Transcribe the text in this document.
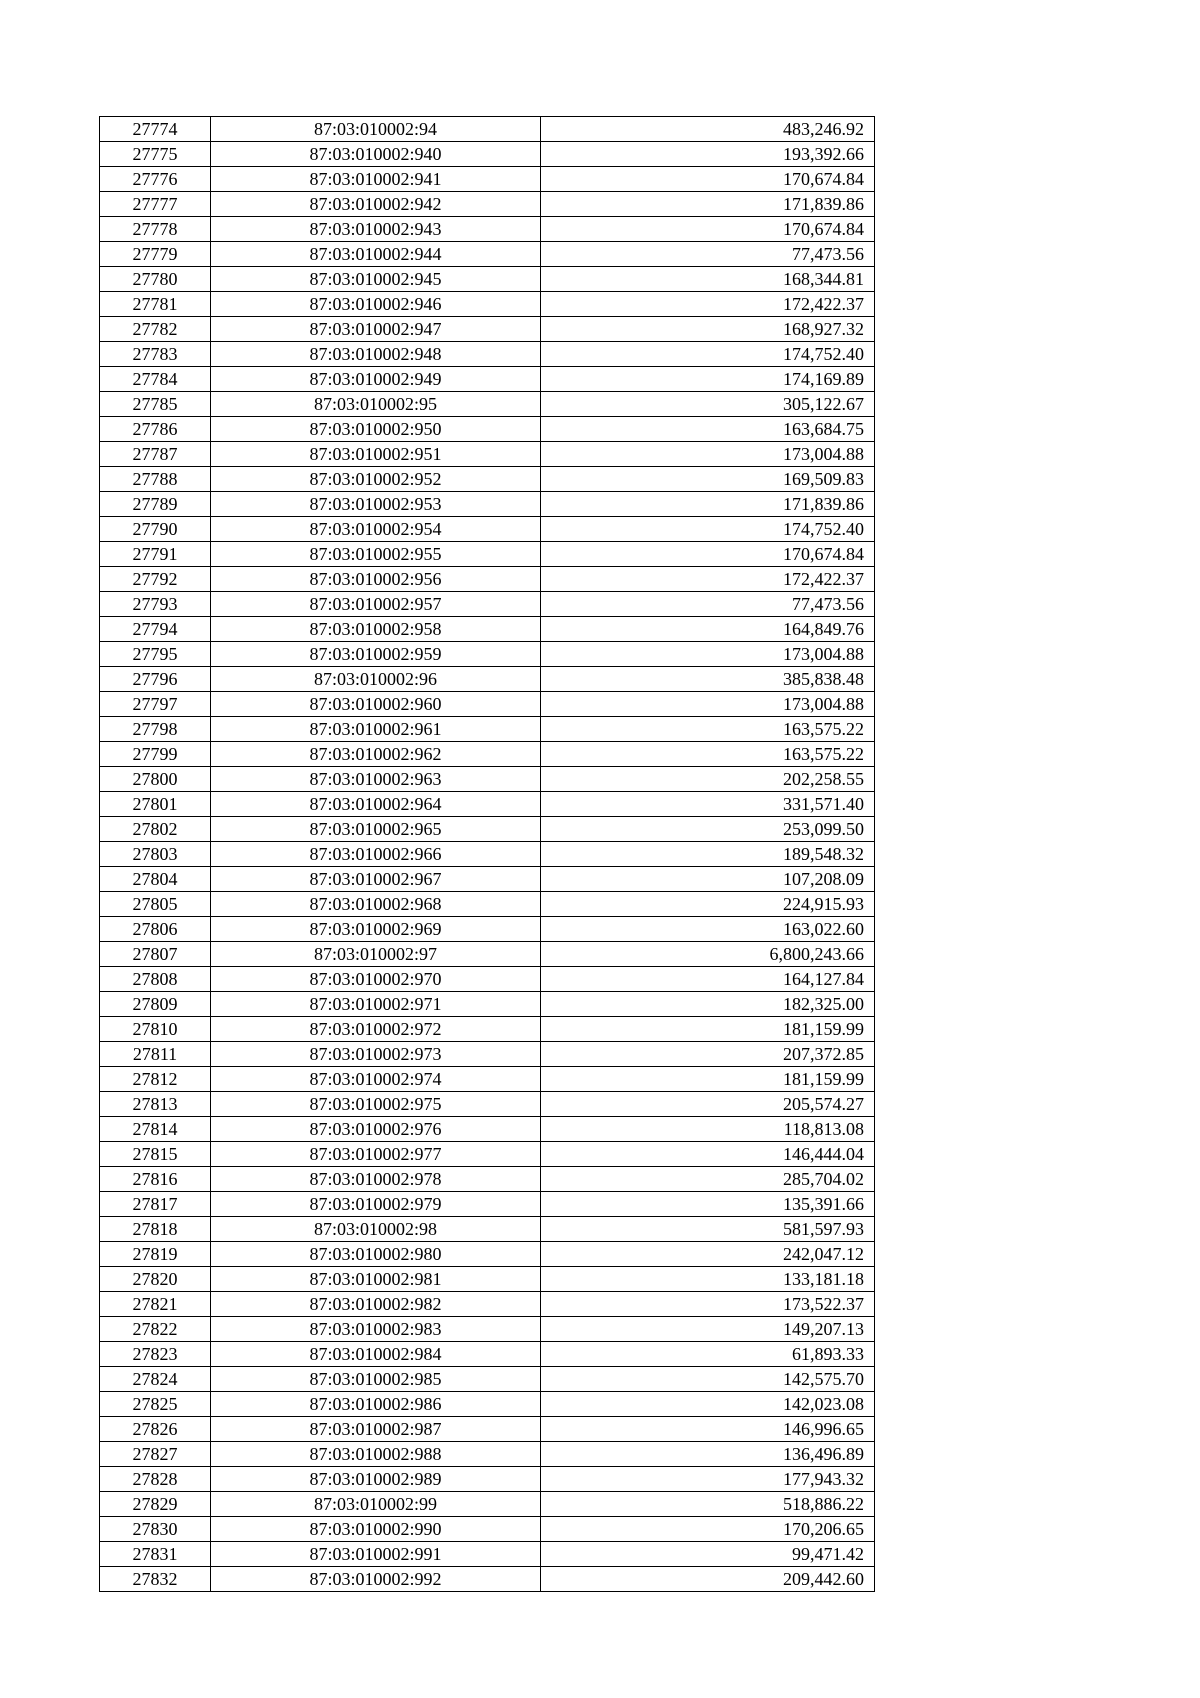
27774	87:03:010002:94	483,246.92
27775	87:03:010002:940	193,392.66
27776	87:03:010002:941	170,674.84
27777	87:03:010002:942	171,839.86
27778	87:03:010002:943	170,674.84
27779	87:03:010002:944	77,473.56
27780	87:03:010002:945	168,344.81
27781	87:03:010002:946	172,422.37
27782	87:03:010002:947	168,927.32
27783	87:03:010002:948	174,752.40
27784	87:03:010002:949	174,169.89
27785	87:03:010002:95	305,122.67
27786	87:03:010002:950	163,684.75
27787	87:03:010002:951	173,004.88
27788	87:03:010002:952	169,509.83
27789	87:03:010002:953	171,839.86
27790	87:03:010002:954	174,752.40
27791	87:03:010002:955	170,674.84
27792	87:03:010002:956	172,422.37
27793	87:03:010002:957	77,473.56
27794	87:03:010002:958	164,849.76
27795	87:03:010002:959	173,004.88
27796	87:03:010002:96	385,838.48
27797	87:03:010002:960	173,004.88
27798	87:03:010002:961	163,575.22
27799	87:03:010002:962	163,575.22
27800	87:03:010002:963	202,258.55
27801	87:03:010002:964	331,571.40
27802	87:03:010002:965	253,099.50
27803	87:03:010002:966	189,548.32
27804	87:03:010002:967	107,208.09
27805	87:03:010002:968	224,915.93
27806	87:03:010002:969	163,022.60
27807	87:03:010002:97	6,800,243.66
27808	87:03:010002:970	164,127.84
27809	87:03:010002:971	182,325.00
27810	87:03:010002:972	181,159.99
27811	87:03:010002:973	207,372.85
27812	87:03:010002:974	181,159.99
27813	87:03:010002:975	205,574.27
27814	87:03:010002:976	118,813.08
27815	87:03:010002:977	146,444.04
27816	87:03:010002:978	285,704.02
27817	87:03:010002:979	135,391.66
27818	87:03:010002:98	581,597.93
27819	87:03:010002:980	242,047.12
27820	87:03:010002:981	133,181.18
27821	87:03:010002:982	173,522.37
27822	87:03:010002:983	149,207.13
27823	87:03:010002:984	61,893.33
27824	87:03:010002:985	142,575.70
27825	87:03:010002:986	142,023.08
27826	87:03:010002:987	146,996.65
27827	87:03:010002:988	136,496.89
27828	87:03:010002:989	177,943.32
27829	87:03:010002:99	518,886.22
27830	87:03:010002:990	170,206.65
27831	87:03:010002:991	99,471.42
27832	87:03:010002:992	209,442.60
